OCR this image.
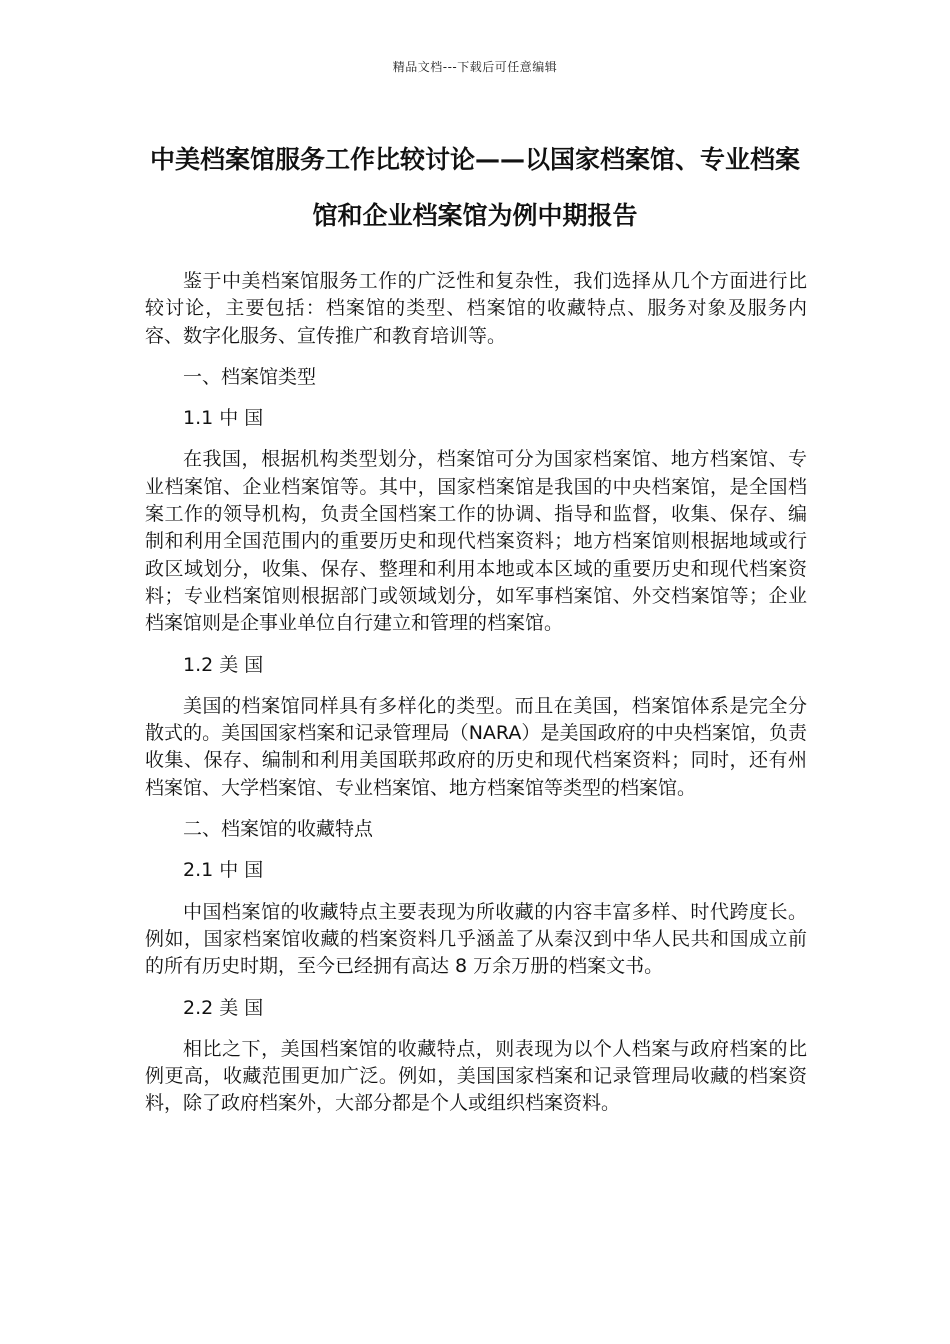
精品文档---下载后可任意编辑
中美档案馆服务工作比较讨论——以国家档案馆、专业档案馆和企业档案馆为例中期报告

鉴于中美档案馆服务工作的广泛性和复杂性，我们选择从几个方面进行比较讨论，主要包括：档案馆的类型、档案馆的收藏特点、服务对象及服务内容、数字化服务、宣传推广和教育培训等。

一、档案馆类型

1.1 中 国

在我国，根据机构类型划分，档案馆可分为国家档案馆、地方档案馆、专业档案馆、企业档案馆等。其中，国家档案馆是我国的中央档案馆，是全国档案工作的领导机构，负责全国档案工作的协调、指导和监督，收集、保存、编制和利用全国范围内的重要历史和现代档案资料；地方档案馆则根据地域或行政区域划分，收集、保存、整理和利用本地或本区域的重要历史和现代档案资料；专业档案馆则根据部门或领域划分，如军事档案馆、外交档案馆等；企业档案馆则是企事业单位自行建立和管理的档案馆。

1.2 美 国

美国的档案馆同样具有多样化的类型。而且在美国，档案馆体系是完全分散式的。美国国家档案和记录管理局（NARA）是美国政府的中央档案馆，负责收集、保存、编制和利用美国联邦政府的历史和现代档案资料；同时，还有州档案馆、大学档案馆、专业档案馆、地方档案馆等类型的档案馆。

二、档案馆的收藏特点

2.1 中 国

中国档案馆的收藏特点主要表现为所收藏的内容丰富多样、时代跨度长。例如，国家档案馆收藏的档案资料几乎涵盖了从秦汉到中华人民共和国成立前的所有历史时期，至今已经拥有高达 8 万余万册的档案文书。

2.2 美 国

相比之下，美国档案馆的收藏特点，则表现为以个人档案与政府档案的比例更高，收藏范围更加广泛。例如，美国国家档案和记录管理局收藏的档案资料，除了政府档案外，大部分都是个人或组织档案资料。
